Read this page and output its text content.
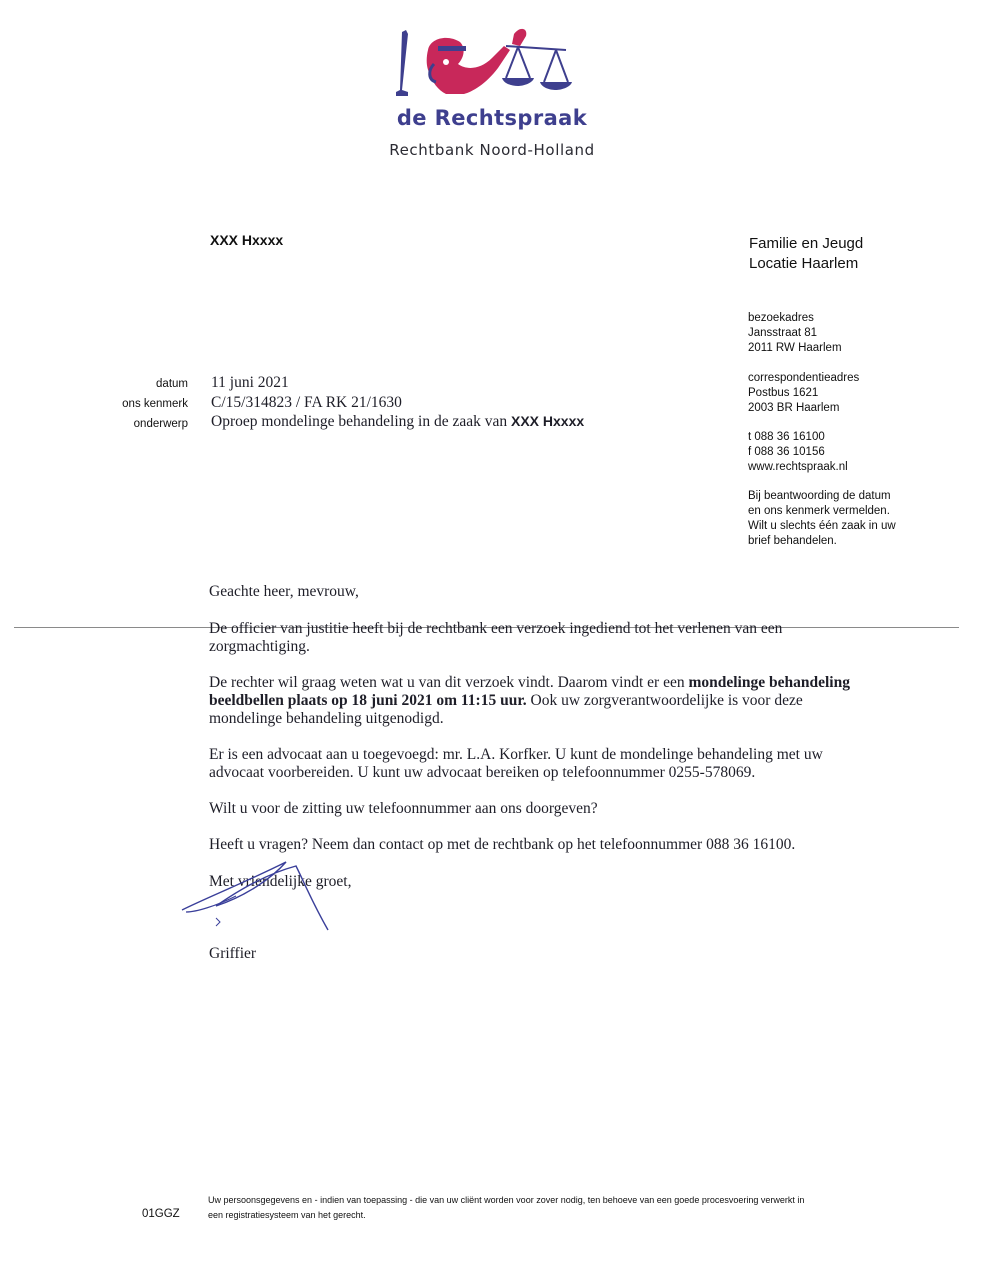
de Rechtspraak
Rechtbank Noord-Holland
XXX Hxxxx	Familie en Jeugd
Locatie Haarlem
bezoekadres
Jansstraat 81
2011 RW Haarlem
correspondentieadres
Postbus 1621
2003 BR Haarlem
t 088 36 16100
f 088 36 10156
www.rechtspraak.nl
Bij beantwoording de datum
en ons kenmerk vermelden.
Wilt u slechts één zaak in uw
brief behandelen.
datum
ons kenmerk
onderwerp
11 juni 2021
C/15/314823 / FA RK 21/1630
Oproep mondelinge behandeling in de zaak van XXX Hxxxx
Geachte heer, mevrouw,
De officier van justitie heeft bij de rechtbank een verzoek ingediend tot het verlenen van een
zorgmachtiging.
De rechter wil graag weten wat u van dit verzoek vindt. Daarom vindt er een mondelinge behandeling
beeldbellen plaats op 18 juni 2021 om 11:15 uur. Ook uw zorgverantwoordelijke is voor deze
mondelinge behandeling uitgenodigd.
Er is een advocaat aan u toegevoegd: mr. L.A. Korfker. U kunt de mondelinge behandeling met uw
advocaat voorbereiden. U kunt uw advocaat bereiken op telefoonnummer 0255-578069.
Wilt u voor de zitting uw telefoonnummer aan ons doorgeven?
Heeft u vragen? Neem dan contact op met de rechtbank op het telefoonnummer 088 36 16100.
Met vriendelijke groet,
Griffier
01GGZ
Uw persoonsgegevens en - indien van toepassing - die van uw cliënt worden voor zover nodig, ten behoeve van een goede procesvoering verwerkt in
een registratiesysteem van het gerecht.
